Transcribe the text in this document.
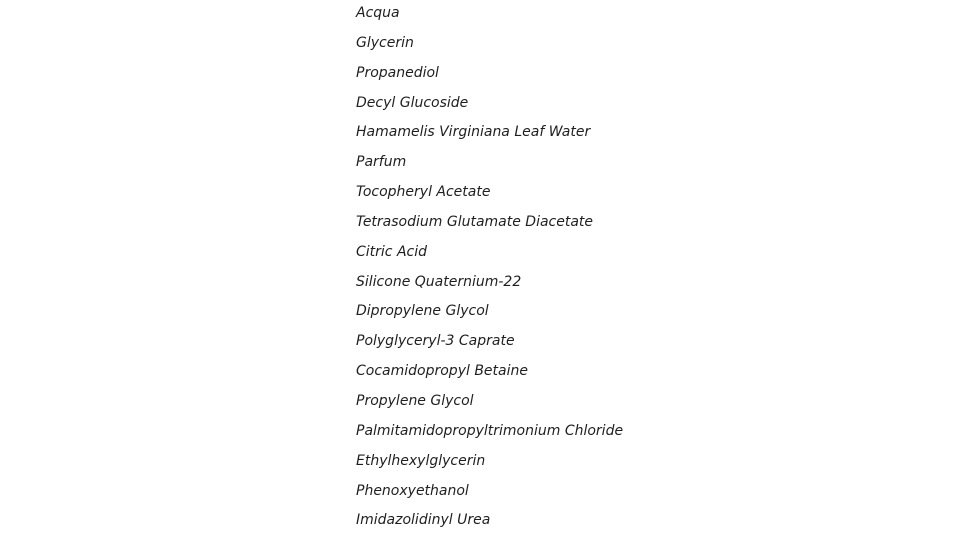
Acqua
Glycerin
Propanediol
Decyl Glucoside
Hamamelis Virginiana Leaf Water
Parfum
Tocopheryl Acetate
Tetrasodium Glutamate Diacetate
Citric Acid
Silicone Quaternium-22
Dipropylene Glycol
Polyglyceryl-3 Caprate
Cocamidopropyl Betaine
Propylene Glycol
Palmitamidopropyltrimonium Chloride
Ethylhexylglycerin
Phenoxyethanol
Imidazolidinyl Urea
